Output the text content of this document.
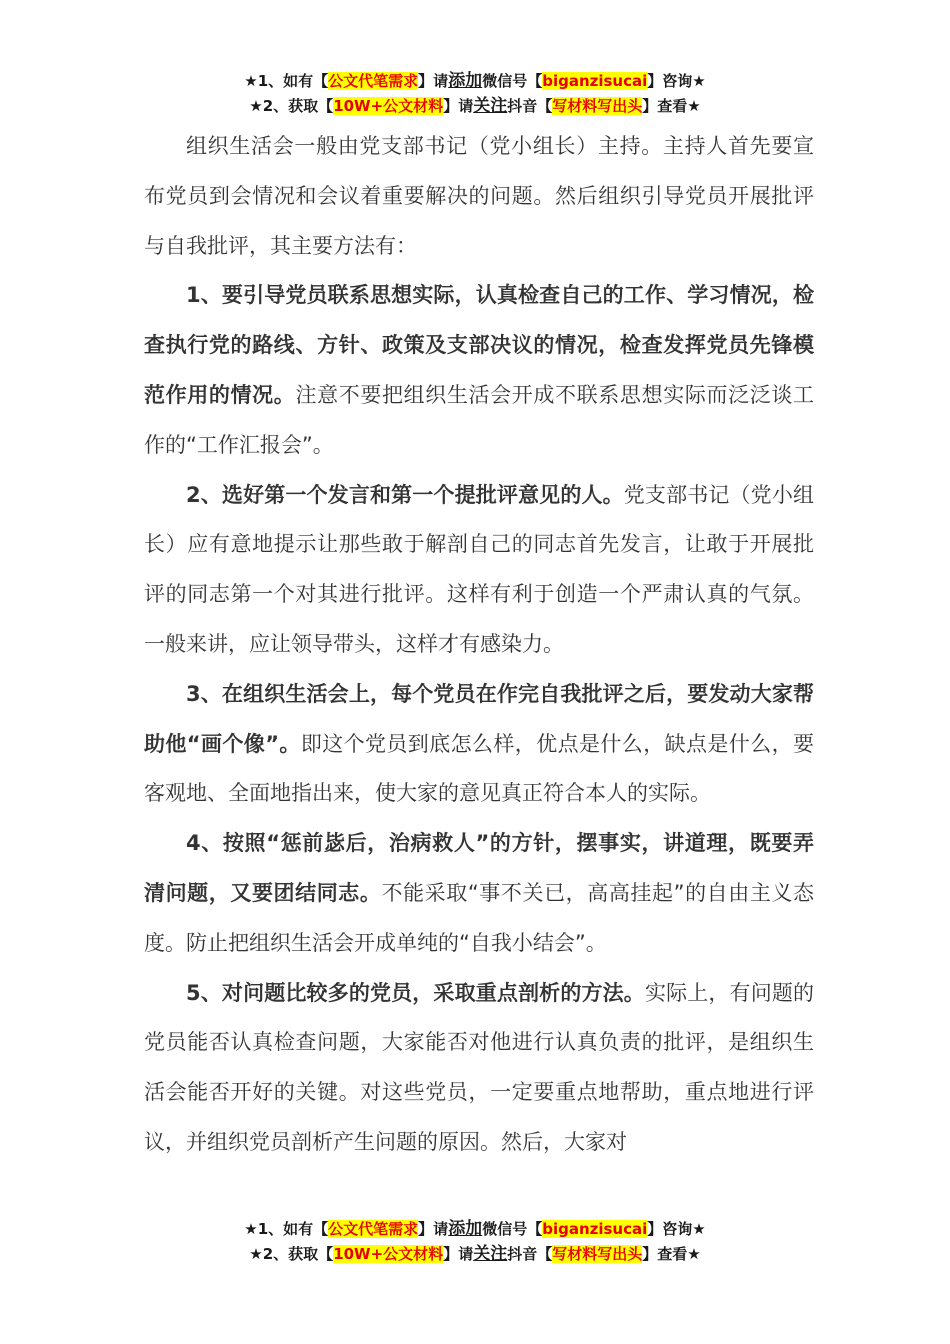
★1、如有【公文代笔需求】请添加微信号【biganzisucai】咨询★
★2、获取【10W+公文材料】请关注抖音【写材料写出头】查看★

组织生活会一般由党支部书记（党小组长）主持。主持人首先要宣布党员到会情况和会议着重要解决的问题。然后组织引导党员开展批评与自我批评，其主要方法有：

1、要引导党员联系思想实际，认真检查自己的工作、学习情况，检查执行党的路线、方针、政策及支部决议的情况，检查发挥党员先锋模范作用的情况。注意不要把组织生活会开成不联系思想实际而泛泛谈工作的“工作汇报会”。

2、选好第一个发言和第一个提批评意见的人。党支部书记（党小组长）应有意地提示让那些敢于解剖自己的同志首先发言，让敢于开展批评的同志第一个对其进行批评。这样有利于创造一个严肃认真的气氛。一般来讲，应让领导带头，这样才有感染力。

3、在组织生活会上，每个党员在作完自我批评之后，要发动大家帮助他“画个像”。即这个党员到底怎么样，优点是什么，缺点是什么，要客观地、全面地指出来，使大家的意见真正符合本人的实际。

4、按照“惩前毖后，治病救人”的方针，摆事实，讲道理，既要弄清问题，又要团结同志。不能采取“事不关已，高高挂起”的自由主义态度。防止把组织生活会开成单纯的“自我小结会”。

5、对问题比较多的党员，采取重点剖析的方法。实际上，有问题的党员能否认真检查问题，大家能否对他进行认真负责的批评，是组织生活会能否开好的关键。对这些党员，一定要重点地帮助，重点地进行评议，并组织党员剖析产生问题的原因。然后，大家对

★1、如有【公文代笔需求】请添加微信号【biganzisucai】咨询★
★2、获取【10W+公文材料】请关注抖音【写材料写出头】查看★
